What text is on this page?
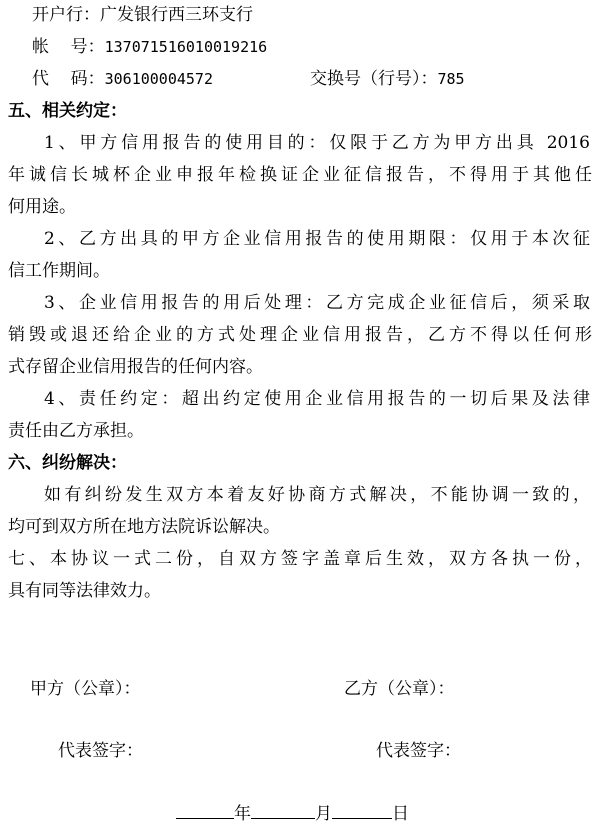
开户行：广发银行西三环支行
帐    号：137071516010019216
代    码：306100004572	交换号（行号）：785
五、相关约定：
1、甲方信用报告的使用目的：仅限于乙方为甲方出具 2016
年诚信长城杯企业申报年检换证企业征信报告，不得用于其他任
何用途。
2、乙方出具的甲方企业信用报告的使用期限：仅用于本次征
信工作期间。
3、企业信用报告的用后处理：乙方完成企业征信后，须采取
销毁或退还给企业的方式处理企业信用报告，乙方不得以任何形
式存留企业信用报告的任何内容。
4、责任约定：超出约定使用企业信用报告的一切后果及法律
责任由乙方承担。
六、纠纷解决：
如有纠纷发生双方本着友好协商方式解决，不能协调一致的，
均可到双方所在地方法院诉讼解决。
七、本协议一式二份，自双方签字盖章后生效，双方各执一份，
具有同等法律效力。
甲方（公章）：	乙方（公章）：
代表签字：	代表签字：
年	月	日
